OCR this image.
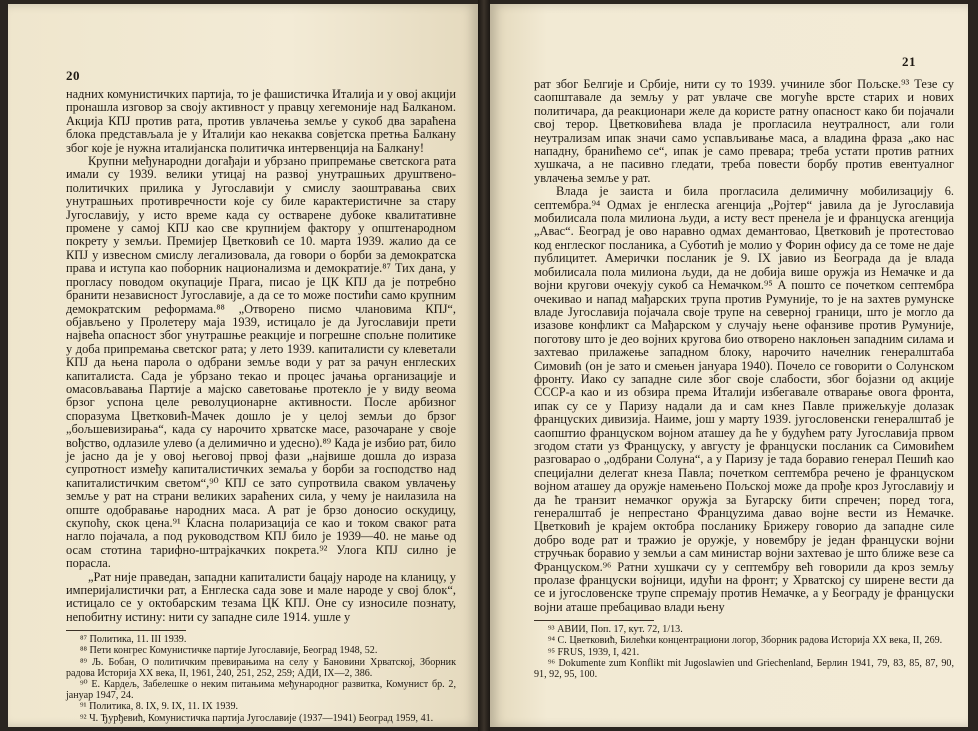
20

надних комунистичких партија, то је фашистичка Италија и у овој акцији пронашла изговор за своју активност у правцу хегемоније над Балканом. Акција КПЈ против рата, против увлачења земље у сукоб два зараћена блока представљала је у Италији као некаква совјетска претња Балкану због које је нужна италијанска политичка интервенција на Балкану!

Крупни међународни догађаји и убрзано припремање светскога рата имали су 1939. велики утицај на развој унутрашњих друштвено-политичких прилика у Југославији у смислу заоштравања свих унутрашњих противречности које су биле карактеристичне за стару Југославију, у исто време када су остварене дубоке квалитативне промене у самој КПЈ као све крупнијем фактору у општенародном покрету у земљи. Премијер Цветковић се 10. марта 1939. жалио да се КПЈ у извесном смислу легализовала, да говори о борби за демократска права и иступа као поборник национализма и демократије.⁸⁷ Тих дана, у прогласу поводом окупације Прага, писао је ЦК КПЈ да је потребно бранити независност Југославије, а да се то може постићи само крупним демократским реформама.⁸⁸ „Отворено писмо члановима КПЈ“, објављено у Пролетеру маја 1939, истицало је да Југославији прети највећа опасност због унутрашње реакције и погрешне спољне политике у доба припремања светског рата; у лето 1939. капиталисти су клеветали КПЈ да њена парола о одбрани земље води у рат за рачун енглеских капиталиста. Сада је убрзано текао и процес јачања организације и омасовљавања Партије а мајско саветовање протекло је у виду веома брзог успона целе револуционарне активности. После арбизног споразума Цветковић-Мачек дошло је у целој земљи до брзог „бољшевизирања“, када су нарочито хрватске масе, разочаране у своје вођство, одлазиле улево (а делимично и удесно).⁸⁹ Када је избио рат, било је јасно да је у овој његовој првој фази „највише дошла до израза супротност између капиталистичких земаља у борби за господство над капиталистичким светом“,⁹⁰ КПЈ се зато супротвила сваком увлачењу земље у рат на страни великих зараћених сила, у чему је наилазила на опште одобравање народних маса. А рат је брзо доносио оскудицу, скупоћу, скок цена.⁹¹ Класна поларизација се као и током сваког рата нагло појачала, а под руководством КПЈ било је 1939—40. не мање од осам стотина тарифно-штрајкачких покрета.⁹² Улога КПЈ силно је порасла.

„Рат није праведан, западни капиталисти бацају народе на кланицу, у империјалистички рат, а Енглеска сада зове и мале народе у свој блок“, истицало се у октобарским тезама ЦК КПЈ. Оне су износиле познату, непобитну истину: нити су западне силе 1914. ушле у

⁸⁷ Политика, 11. III 1939.

⁸⁸ Пети конгрес Комунистичке партије Југославије, Београд 1948, 52.

⁸⁹ Љ. Бобан, О политичким превирањима на селу у Бановини Хрватској, Зборник радова Историја XX века, II, 1961, 240, 251, 252, 259; АДИ, IX—2, 386.

⁹⁰ Е. Кардељ, Забелешке о неким питањима међународног развитка, Комунист бр. 2, јануар 1947, 24.

⁹¹ Политика, 8. IX, 9. IX, 11. IX 1939.

⁹² Ч. Ђурђевић, Комунистичка партија Југославије (1937—1941) Београд 1959, 41.

21

рат због Белгије и Србије, нити су то 1939. учиниле због Пољске.⁹³ Тезе су саопштавале да земљу у рат увлаче све могуће врсте старих и нових политичара, да реакционари желе да користе ратну опасност како би појачали свој терор. Цветковићева влада је прогласила неутралност, али голи неутрализам ипак значи само успављивање маса, а владина фраза „ако нас нападну, бранићемо се“, ипак је само превара; треба устати против ратних хушкача, а не пасивно гледати, треба повести борбу против евентуалног увлачења земље у рат.

Влада је заиста и била прогласила делимичну мобилизацију 6. септембра.⁹⁴ Одмах је енглеска агенција „Ројтер“ јавила да је Југославија мобилисала пола милиона људи, а исту вест пренела је и француска агенција „Авас“. Београд је ово наравно одмах демантовао, Цветковић је протестовао код енглеског посланика, а Суботић је молио у Форин офису да се томе не даје публицитет. Амерички посланик је 9. IX јавио из Београда да је влада мобилисала пола милиона људи, да не добија више оружја из Немачке и да војни кругови очекују сукоб са Немачком.⁹⁵ А пошто се почетком септембра очекивао и напад мађарских трупа против Румуније, то је на захтев румунске владе Југославија појачала своје трупе на северној граници, што је могло да изазове конфликт са Мађарском у случају њене офанзиве против Румуније, поготову што је део војних кругова био отворено наклоњен западним силама и захтевао прилажење западном блоку, нарочито начелник генералштаба Симовић (он је зато и смењен јануара 1940). Почело се говорити о Солунском фронту. Иако су западне силе због своје слабости, због бојазни од акције СССР-а као и из обзира према Италији избегавале отварање овога фронта, ипак су се у Паризу надали да и сам кнез Павле прижељкује долазак француских дивизија. Наиме, још у марту 1939. југословенски генералштаб је саопштио француском војном аташеу да ће у будућем рату Југославија првом згодом стати уз Француску, у августу је француски посланик са Симовићем разговарао о „одбрани Солуна“, а у Паризу је тада боравио генерал Пешић као специјални делегат кнеза Павла; почетком септембра речено је француском војном аташеу да оружје намењено Пољској може да прође кроз Југославију и да ће транзит немачког оружја за Бугарску бити спречен; поред тога, генералштаб је непрестано Француzима давао војне вести из Немачке. Цветковић је крајем октобра посланику Брижеру говорио да западне силе добро воде рат и тражио је оружје, у новембру је један француски војни стручњак боравио у земљи а сам министар војни захтевао је што ближе везе са Француском.⁹⁶ Ратни хушкачи су у септембру већ говорили да кроз земљу пролазе француски војници, идући на фронт; у Хрватској су ширене вести да се и југословенске трупе спремају против Немачке, а у Београду је француски војни аташе пребацивао влади њену

⁹³ АВИИ, Поп. 17, кут. 72, 1/13.

⁹⁴ С. Цветковић, Билећки концентрациони логор, Зборник радова Историја XX века, II, 269.

⁹⁵ FRUS, 1939, I, 421.

⁹⁶ Dokumente zum Konflikt mit Jugoslawien und Griechenland, Берлин 1941, 79, 83, 85, 87, 90, 91, 92, 95, 100.
